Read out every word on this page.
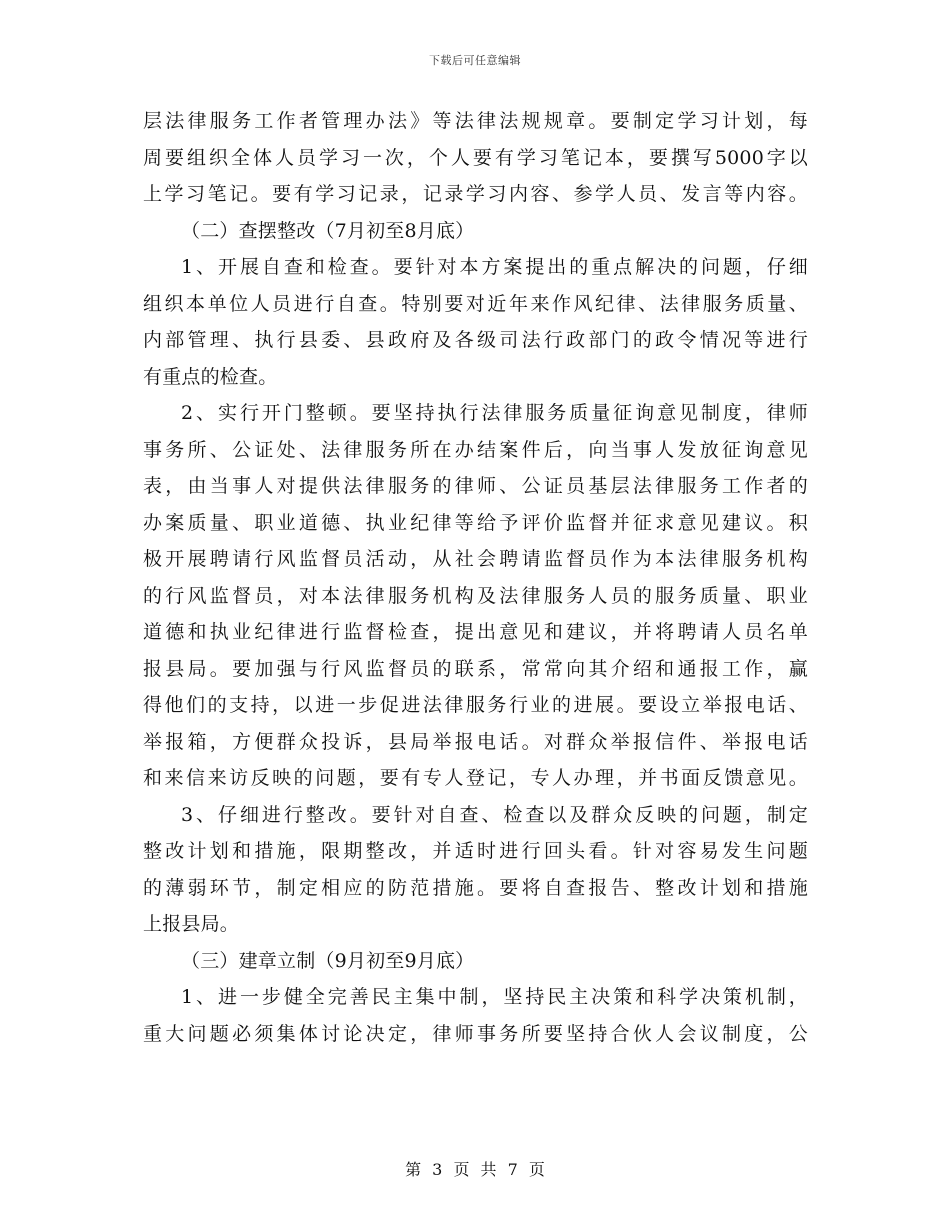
下载后可任意编辑
层法律服务工作者管理办法》等法律法规规章。要制定学习计划，每
周要组织全体人员学习一次，个人要有学习笔记本，要撰写5000字以
上学习笔记。要有学习记录，记录学习内容、参学人员、发言等内容。
（二）查摆整改（7月初至8月底）
1、开展自查和检查。要针对本方案提出的重点解决的问题，仔细
组织本单位人员进行自查。特别要对近年来作风纪律、法律服务质量、
内部管理、执行县委、县政府及各级司法行政部门的政令情况等进行
有重点的检查。
2、实行开门整顿。要坚持执行法律服务质量征询意见制度，律师
事务所、公证处、法律服务所在办结案件后，向当事人发放征询意见
表，由当事人对提供法律服务的律师、公证员基层法律服务工作者的
办案质量、职业道德、执业纪律等给予评价监督并征求意见建议。积
极开展聘请行风监督员活动，从社会聘请监督员作为本法律服务机构
的行风监督员，对本法律服务机构及法律服务人员的服务质量、职业
道德和执业纪律进行监督检查，提出意见和建议，并将聘请人员名单
报县局。要加强与行风监督员的联系，常常向其介绍和通报工作，赢
得他们的支持，以进一步促进法律服务行业的进展。要设立举报电话、
举报箱，方便群众投诉，县局举报电话。对群众举报信件、举报电话
和来信来访反映的问题，要有专人登记，专人办理，并书面反馈意见。
3、仔细进行整改。要针对自查、检查以及群众反映的问题，制定
整改计划和措施，限期整改，并适时进行回头看。针对容易发生问题
的薄弱环节，制定相应的防范措施。要将自查报告、整改计划和措施
上报县局。
（三）建章立制（9月初至9月底）
1、进一步健全完善民主集中制，坚持民主决策和科学决策机制，
重大问题必须集体讨论决定，律师事务所要坚持合伙人会议制度，公
第 3 页 共 7 页
